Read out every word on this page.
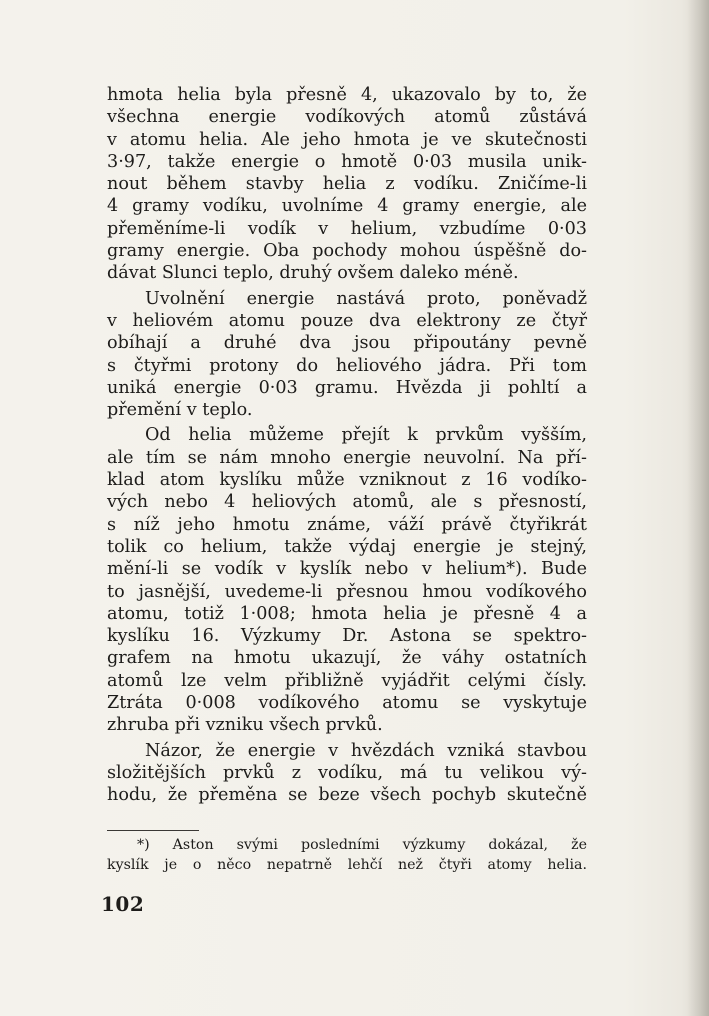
hmota helia byla přesně 4, ukazovalo by to, že
všechna energie vodíkových atomů zůstává
v atomu helia. Ale jeho hmota je ve skutečnosti
3·97, takže energie o hmotě 0·03 musila unik-
nout během stavby helia z vodíku. Zničíme-li
4 gramy vodíku, uvolníme 4 gramy energie, ale
přeměníme-li vodík v helium, vzbudíme 0·03
gramy energie. Oba pochody mohou úspěšně do-
dávat Slunci teplo, druhý ovšem daleko méně.

Uvolnění energie nastává proto, poněvadž
v heliovém atomu pouze dva elektrony ze čtyř
obíhají a druhé dva jsou připoutány pevně
s čtyřmi protony do heliového jádra. Při tom
uniká energie 0·03 gramu. Hvězda ji pohltí a
přemění v teplo.

Od helia můžeme přejít k prvkům vyšším,
ale tím se nám mnoho energie neuvolní. Na pří-
klad atom kyslíku může vzniknout z 16 vodíko-
vých nebo 4 heliových atomů, ale s přesností,
s níž jeho hmotu známe, váží právě čtyřikrát
tolik co helium, takže výdaj energie je stejný,
mění-li se vodík v kyslík nebo v helium*). Bude
to jasnější, uvedeme-li přesnou hmou vodíkového
atomu, totiž 1·008; hmota helia je přesně 4 a
kyslíku 16. Výzkumy Dr. Astona se spektro-
grafem na hmotu ukazují, že váhy ostatních
atomů lze velm přibližně vyjádřit celými čísly.
Ztráta 0·008 vodíkového atomu se vyskytuje
zhruba při vzniku všech prvků.

Názor, že energie v hvězdách vzniká stavbou
složitějších prvků z vodíku, má tu velikou vý-
hodu, že přeměna se beze všech pochyb skutečně

*) Aston svými posledními výzkumy dokázal, že
kyslík je o něco nepatrně lehčí než čtyři atomy helia.

102
